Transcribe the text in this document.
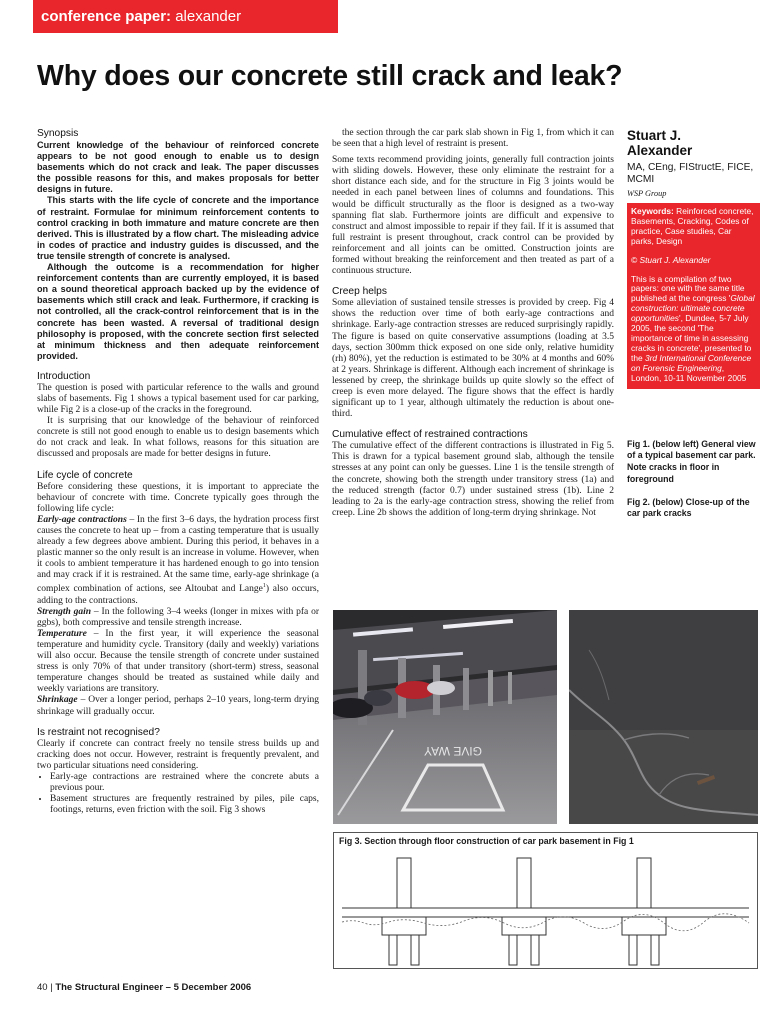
conference paper: alexander
Why does our concrete still crack and leak?
Synopsis

Current knowledge of the behaviour of reinforced concrete appears to be not good enough to enable us to design basements which do not crack and leak. The paper discusses the possible reasons for this, and makes proposals for better designs in future.

This starts with the life cycle of concrete and the importance of restraint. Formulae for minimum reinforcement contents to control cracking in both immature and mature concrete are then derived. This is illustrated by a flow chart. The misleading advice in codes of practice and industry guides is discussed, and the true tensile strength of concrete is analysed.

Although the outcome is a recommendation for higher reinforcement contents than are currently employed, it is based on a sound theoretical approach backed up by the evidence of basements which still crack and leak. Furthermore, if cracking is not controlled, all the crack-control reinforcement that is in the concrete has been wasted. A reversal of traditional design philosophy is proposed, with the concrete section first selected at minimum thickness and then adequate reinforcement provided.

Introduction

The question is posed with particular reference to the walls and ground slabs of basements. Fig 1 shows a typical basement used for car parking, while Fig 2 is a close-up of the cracks in the foreground.

It is surprising that our knowledge of the behaviour of reinforced concrete is still not good enough to enable us to design basements which do not crack and leak. In what follows, reasons for this situation are discussed and proposals are made for better designs in future.

Life cycle of concrete

Before considering these questions, it is important to appreciate the behaviour of concrete with time. Concrete typically goes through the following life cycle:

Early-age contractions – In the first 3–6 days, the hydration process first causes the concrete to heat up – from a casting temperature that is usually already a few degrees above ambient. During this period, it behaves in a plastic manner so the only result is an increase in volume. However, when it cools to ambient temperature it has hardened enough to go into tension and may crack if it is restrained. At the same time, early-age shrinkage (a complex combination of actions, see Altoubat and Lange$^1$) also occurs, adding to the contractions.

Strength gain – In the following 3–4 weeks (longer in mixes with pfa or ggbs), both compressive and tensile strength increase.

Temperature – In the first year, it will experience the seasonal temperature and humidity cycle. Transitory (daily and weekly) variations will also occur. Because the tensile strength of concrete under sustained stress is only 70% of that under transitory (short-term) stress, seasonal temperature changes should be treated as sustained while daily and weekly variations are transitory.

Shrinkage – Over a longer period, perhaps 2–10 years, long-term drying shrinkage will gradually occur.

Is restraint not recognised?

Clearly if concrete can contract freely no tensile stress builds up and cracking does not occur. However, restraint is frequently prevalent, and two particular situations need considering.

• Early-age contractions are restrained where the concrete abuts a previous pour.
• Basement structures are frequently restrained by piles, pile caps, footings, returns, even friction with the soil. Fig 3 shows

the section through the car park slab shown in Fig 1, from which it can be seen that a high level of restraint is present.

Some texts recommend providing joints, generally full contraction joints with sliding dowels. However, these only eliminate the restraint for a short distance each side, and for the structure in Fig 3 joints would be needed in each panel between lines of columns and foundations. This would be difficult structurally as the floor is designed as a two-way spanning flat slab. Furthermore joints are difficult and expensive to construct and almost impossible to repair if they fail. If it is assumed that full restraint is present throughout, crack control can be provided by reinforcement and all joints can be omitted. Construction joints are formed without breaking the reinforcement and then treated as part of a continuous structure.

Creep helps

Some alleviation of sustained tensile stresses is provided by creep. Fig 4 shows the reduction over time of both early-age contractions and shrinkage. Early-age contraction stresses are reduced surprisingly rapidly. The figure is based on quite conservative assumptions (loading at 3.5 days, section 300mm thick exposed on one side only, relative humidity (rh) 80%), yet the reduction is estimated to be 30% at 4 months and 60% at 2 years. Shrinkage is different. Although each increment of shrinkage is lessened by creep, the shrinkage builds up quite slowly so the effect of creep is even more delayed. The figure shows that the effect is hardly significant up to 1 year, although ultimately the reduction is about one-third.

Cumulative effect of restrained contractions

The cumulative effect of the different contractions is illustrated in Fig 5. This is drawn for a typical basement ground slab, although the tensile stresses at any point can only be guesses. Line 1 is the tensile strength of the concrete, showing both the strength under transitory stress (1a) and the reduced strength (factor 0.7) under sustained stress (1b). Line 2 leading to 2a is the early-age contraction stress, showing the relief from creep. Line 2b shows the addition of long-term drying shrinkage. Not

Stuart J.
Alexander

MA, CEng, FIStructE, FICE, MCMI

WSP Group

Keywords: Reinforced concrete, Basements, Cracking, Codes of practice, Case studies, Car parks, Design

© Stuart J. Alexander

This is a compilation of two papers: one with the same title published at the congress 'Global construction: ultimate concrete opportunities', Dundee, 5-7 July 2005, the second 'The importance of time in assessing cracks in concrete', presented to the 3rd International Conference on Forensic Engineering, London, 10-11 November 2005

Fig 1. (below left) General view of a typical basement car park. Note cracks in floor in foreground

Fig 2. (below) Close-up of the car park cracks

GIVE WAY
Fig 3. Section through floor construction of car park basement in Fig 1
40 | The Structural Engineer – 5 December 2006
